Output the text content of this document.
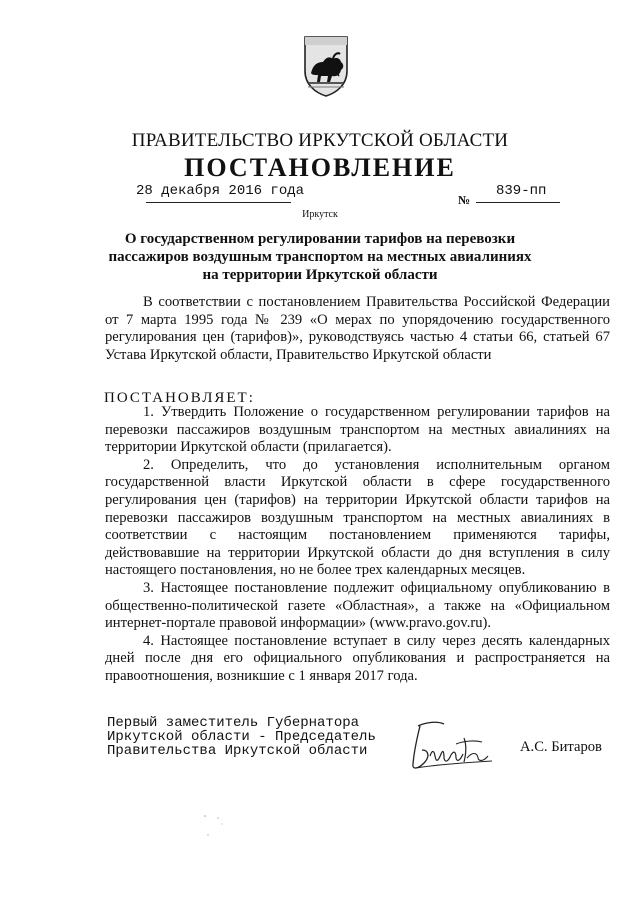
ПРАВИТЕЛЬСТВО ИРКУТСКОЙ ОБЛАСТИ
ПОСТАНОВЛЕНИЕ
28 декабря 2016 года
№
839-пп
Иркутск
О государственном регулировании тарифов на перевозки пассажиров воздушным транспортом на местных авиалиниях на территории Иркутской области

В соответствии с постановлением Правительства Российской Федерации от 7 марта 1995 года № 239 «О мерах по упорядочению государственного регулирования цен (тарифов)», руководствуясь частью 4 статьи 66, статьей 67 Устава Иркутской области, Правительство Иркутской области

ПОСТАНОВЛЯЕТ:

1. Утвердить Положение о государственном регулировании тарифов на перевозки пассажиров воздушным транспортом на местных авиалиниях на территории Иркутской области (прилагается).

2. Определить, что до установления исполнительным органом государственной власти Иркутской области в сфере государственного регулирования цен (тарифов) на территории Иркутской области тарифов на перевозки пассажиров воздушным транспортом на местных авиалиниях в соответствии с настоящим постановлением применяются тарифы, действовавшие на территории Иркутской области до дня вступления в силу настоящего постановления, но не более трех календарных месяцев.

3. Настоящее постановление подлежит официальному опубликованию в общественно-политической газете «Областная», а также на «Официальном интернет-портале правовой информации» (www.pravo.gov.ru).

4. Настоящее постановление вступает в силу через десять календарных дней после дня его официального опубликования и распространяется на правоотношения, возникшие с 1 января 2017 года.

Первый заместитель Губернатора
Иркутской области - Председатель
Правительства Иркутской области	А.С. Битаров
